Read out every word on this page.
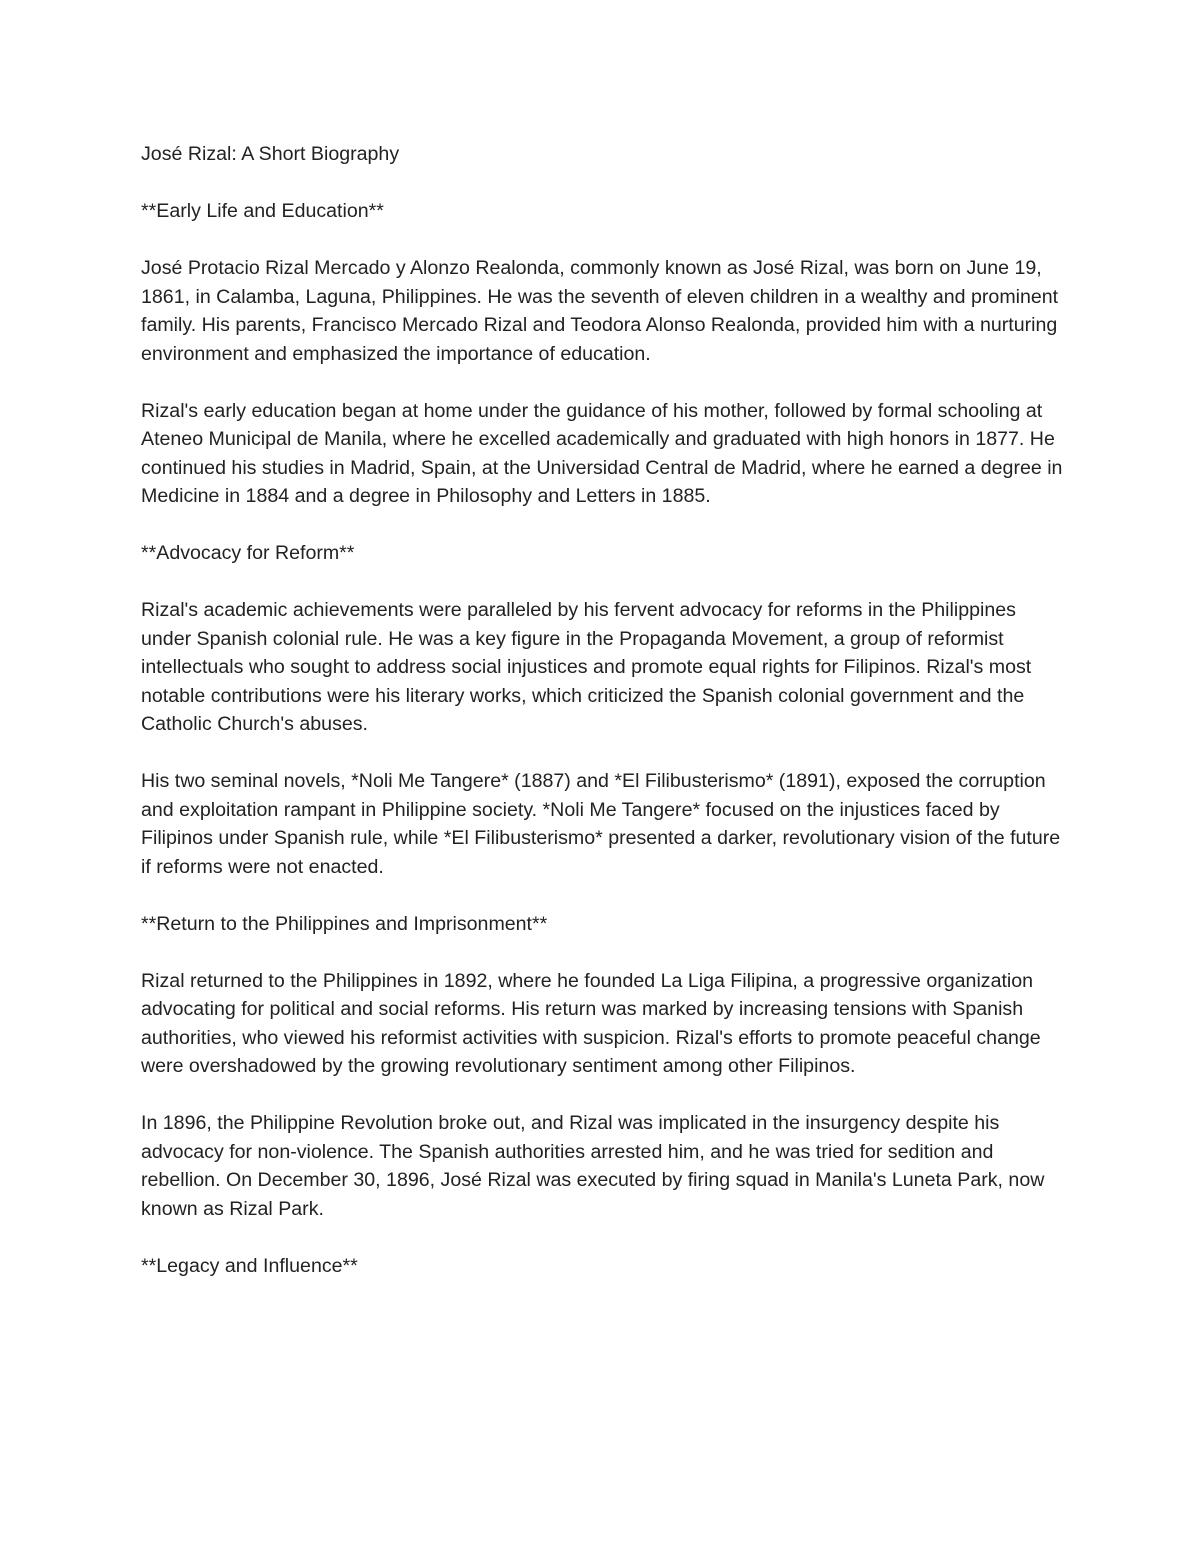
José Rizal: A Short Biography

**Early Life and Education**

José Protacio Rizal Mercado y Alonzo Realonda, commonly known as José Rizal, was born on June 19, 1861, in Calamba, Laguna, Philippines. He was the seventh of eleven children in a wealthy and prominent family. His parents, Francisco Mercado Rizal and Teodora Alonso Realonda, provided him with a nurturing environment and emphasized the importance of education.

Rizal's early education began at home under the guidance of his mother, followed by formal schooling at Ateneo Municipal de Manila, where he excelled academically and graduated with high honors in 1877. He continued his studies in Madrid, Spain, at the Universidad Central de Madrid, where he earned a degree in Medicine in 1884 and a degree in Philosophy and Letters in 1885.

**Advocacy for Reform**

Rizal's academic achievements were paralleled by his fervent advocacy for reforms in the Philippines under Spanish colonial rule. He was a key figure in the Propaganda Movement, a group of reformist intellectuals who sought to address social injustices and promote equal rights for Filipinos. Rizal's most notable contributions were his literary works, which criticized the Spanish colonial government and the Catholic Church's abuses.

His two seminal novels, *Noli Me Tangere* (1887) and *El Filibusterismo* (1891), exposed the corruption and exploitation rampant in Philippine society. *Noli Me Tangere* focused on the injustices faced by Filipinos under Spanish rule, while *El Filibusterismo* presented a darker, revolutionary vision of the future if reforms were not enacted.

**Return to the Philippines and Imprisonment**

Rizal returned to the Philippines in 1892, where he founded La Liga Filipina, a progressive organization advocating for political and social reforms. His return was marked by increasing tensions with Spanish authorities, who viewed his reformist activities with suspicion. Rizal's efforts to promote peaceful change were overshadowed by the growing revolutionary sentiment among other Filipinos.

In 1896, the Philippine Revolution broke out, and Rizal was implicated in the insurgency despite his advocacy for non-violence. The Spanish authorities arrested him, and he was tried for sedition and rebellion. On December 30, 1896, José Rizal was executed by firing squad in Manila's Luneta Park, now known as Rizal Park.

**Legacy and Influence**
